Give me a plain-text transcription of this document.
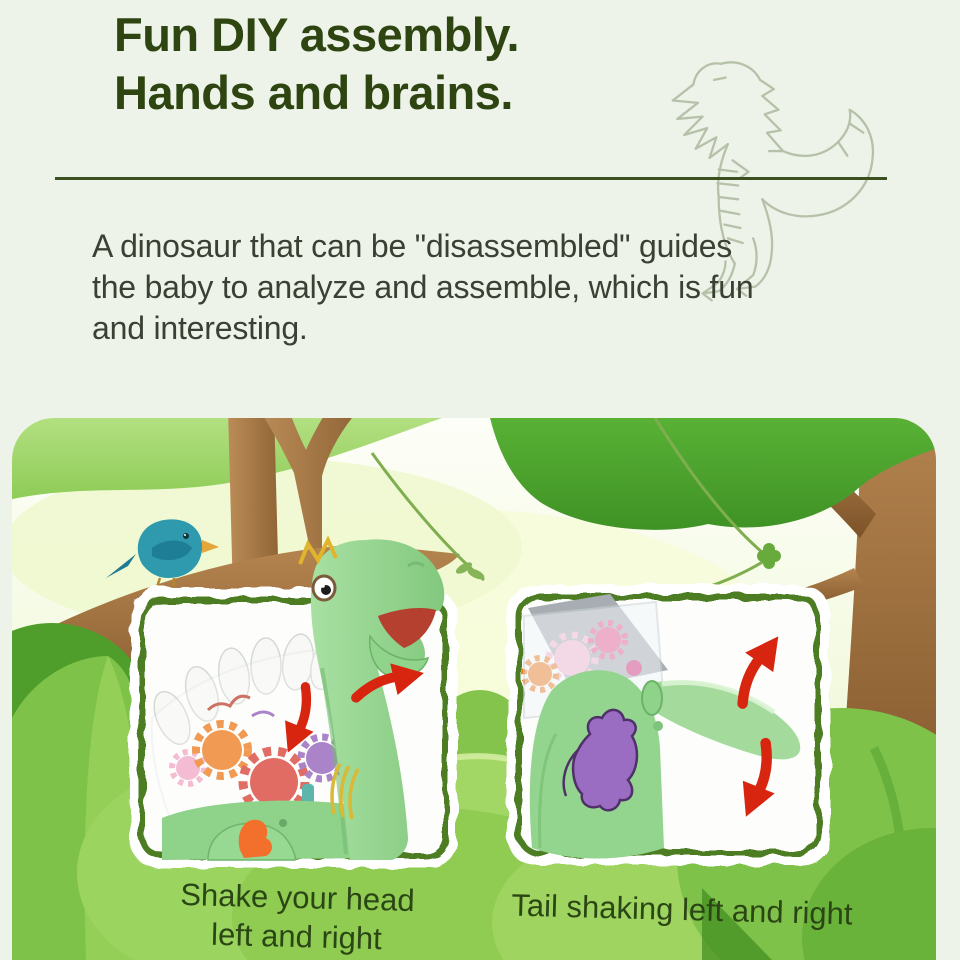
Fun DIY assembly.
Hands and brains.
A dinosaur that can be "disassembled" guides
the baby to analyze and assemble, which is fun
and interesting.
Shake your head
left and right
Tail shaking left and right
